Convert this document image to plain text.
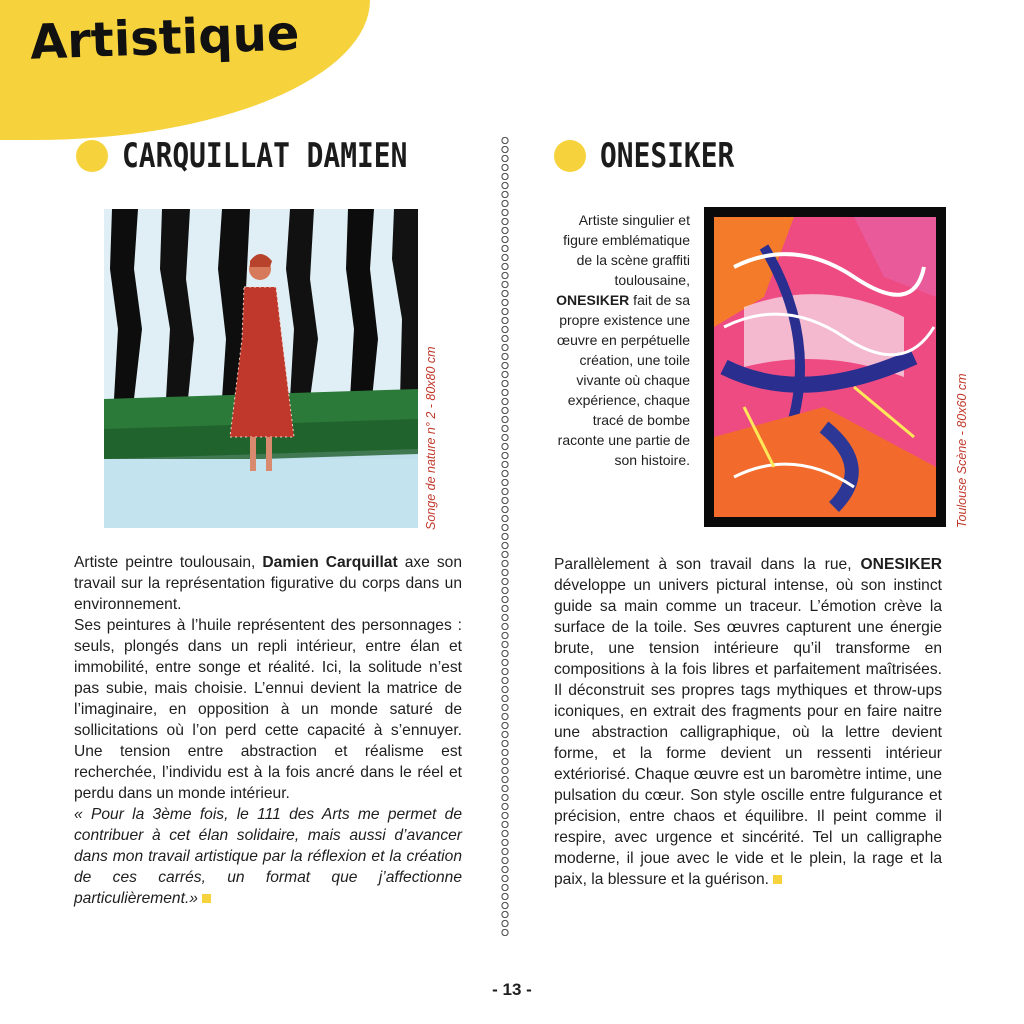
Artistique
CARQUILLAT DAMIEN
Songe de nature n° 2 - 80x80 cm

Artiste peintre toulousain, Damien Carquillat axe son travail sur la représentation figurative du corps dans un environnement.

Ses peintures à l’huile représentent des personnages : seuls, plongés dans un repli intérieur, entre élan et immobilité, entre songe et réalité. Ici, la solitude n’est pas subie, mais choisie. L’ennui devient la matrice de l’imaginaire, en opposition à un monde saturé de sollicitations où l’on perd cette capacité à s’ennuyer. Une tension entre abstraction et réalisme est recherchée, l’individu est à la fois ancré dans le réel et perdu dans un monde intérieur.

« Pour la 3ème fois, le 111 des Arts me permet de contribuer à cet élan solidaire, mais aussi d’avancer dans mon travail artistique par la réflexion et la création de ces carrés, un format que j’affectionne particulièrement.»

ONESIKER
Artiste singulier et figure emblématique de la scène graffiti toulousaine, ONESIKER fait de sa propre existence une œuvre en perpétuelle création, une toile vivante où chaque expérience, chaque tracé de bombe raconte une partie de son histoire.	Toulouse Scène - 80x60 cm

Parallèlement à son travail dans la rue, ONESIKER développe un univers pictural intense, où son instinct guide sa main comme un traceur. L’émotion crève la surface de la toile. Ses œuvres capturent une énergie brute, une tension intérieure qu’il transforme en compositions à la fois libres et parfaitement maîtrisées. Il déconstruit ses propres tags mythiques et throw-ups iconiques, en extrait des fragments pour en faire naitre une abstraction calligraphique, où la lettre devient forme, et la forme devient un ressenti intérieur extériorisé. Chaque œuvre est un baromètre intime, une pulsation du cœur. Son style oscille entre fulgurance et précision, entre chaos et équilibre. Il peint comme il respire, avec urgence et sincérité. Tel un calligraphe moderne, il joue avec le vide et le plein, la rage et la paix, la blessure et la guérison.

- 13 -
